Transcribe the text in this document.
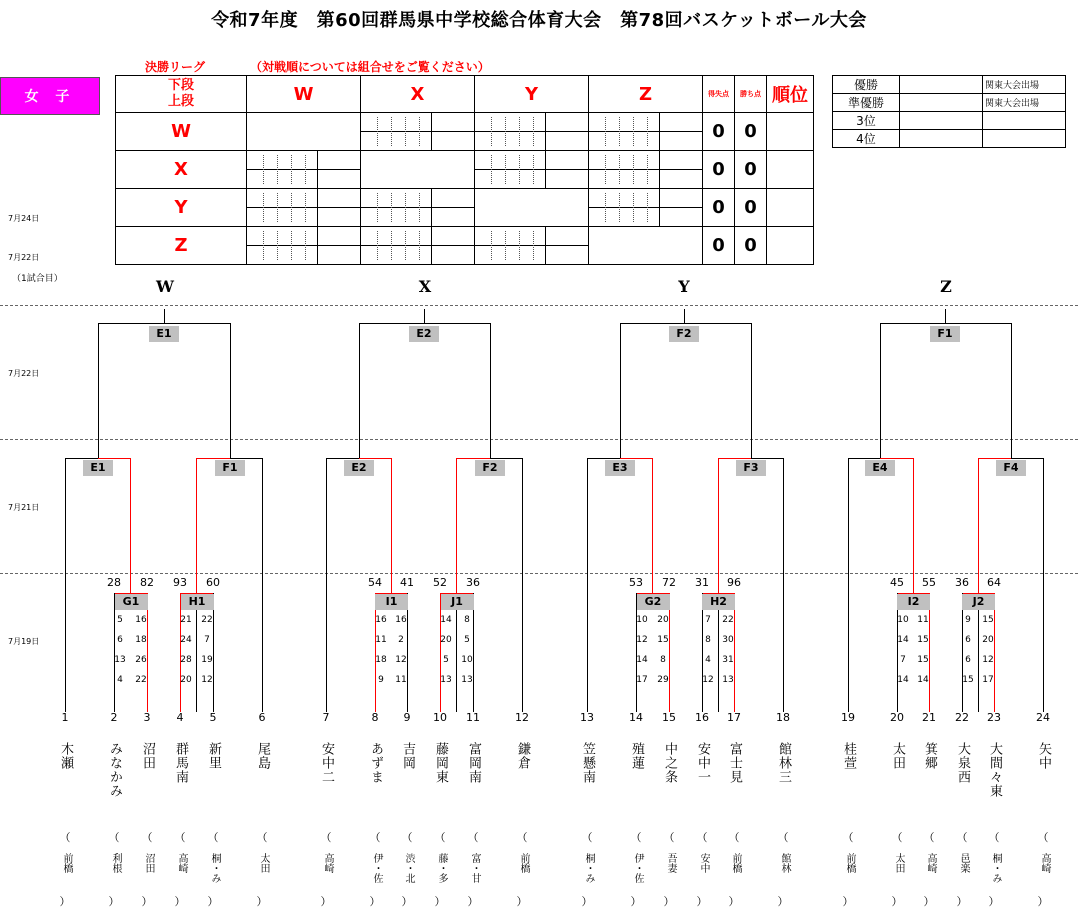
令和7年度　第60回群馬県中学校総合体育大会　第78回バスケットボール大会
決勝リーグ	（対戦順については組合せをご覧ください）
女 子
下段
上段	W	X	Y	Z	得失点	勝ち点	順位
W					0	0	
X					0	0	
Y					0	0	
Z					0	0	
優勝		関東大会出場
準優勝		関東大会出場
3位		
4位		
7月24日
7月22日
（1試合目）
7月22日
7月21日
7月19日
W	X	Y	Z
E1	E2	F2	F1
E1	F1	E2	F2	E3	F3	E4	F4
G1
28 82
5	16
6	18
13	26
4	22
H1
93 60
21	22
24	7
28	19
20	12
I1
54 41
16 16
11	2
18 12
9	11
J1
52 36
14	8
20	5
5	10
13	13
G2
53 72
10	20
12	15
14	8
17	29
H2
31 96
7	22
8	30
4	31
12 13
I2
45 55
10 11
14 15
7	15
14 14
J2
36 64
9	15
6	20
6	12
15 17
1
木瀬
（
前橋
）
2
みなかみ
（
利根
）
3
沼田
（
沼田
）
4
群馬南
（
高崎
）
5
新里
（
桐・み
）
6
尾島
（
太田
）
7
安中二
（
高崎
）
8
あずま
（
伊・佐
）
9
吉岡
（
渋・北
）
10
藤岡東
（
藤・多
）
11
富岡南
（
富・甘
）
12
鎌倉
（
前橋
）
13
笠懸南
（
桐・み
）
14
殖蓮
（
伊・佐
）
15
中之条
（
吾妻
）
16
安中一
（
安中
）
17
富士見
（
前橋
）
18
館林三
（
館林
）
19
桂萱
（
前橋
）
20
太田
（
太田
）
21
箕郷
（
高崎
）
22
大泉西
（
邑楽
）
23
大間々東
（
桐・み
）
24
矢中
（
高崎
）
